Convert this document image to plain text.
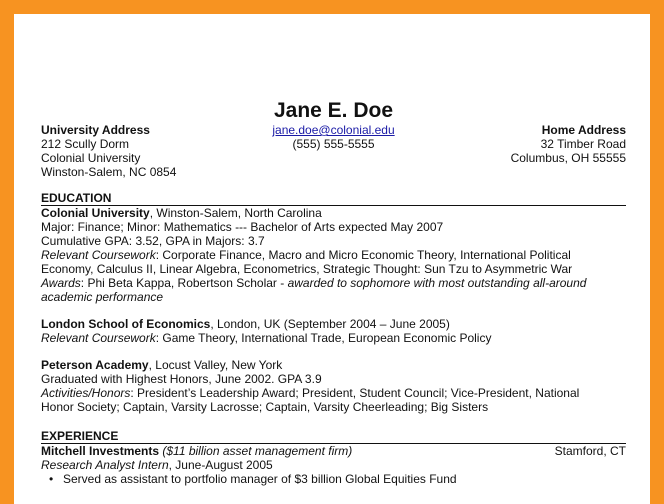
Jane E. Doe
University Address
212 Scully Dorm
Colonial University
Winston-Salem, NC 0854
jane.doe@colonial.edu
(555) 555-5555
Home Address
32 Timber Road
Columbus, OH 55555
EDUCATION
Colonial University, Winston-Salem, North Carolina
Major: Finance; Minor: Mathematics --- Bachelor of Arts expected May 2007
Cumulative GPA: 3.52, GPA in Majors: 3.7
Relevant Coursework: Corporate Finance, Macro and Micro Economic Theory, International Political
Economy, Calculus II, Linear Algebra, Econometrics, Strategic Thought: Sun Tzu to Asymmetric War
Awards: Phi Beta Kappa, Robertson Scholar - awarded to sophomore with most outstanding all-around
academic performance
London School of Economics, London, UK (September 2004 – June 2005)
Relevant Coursework: Game Theory, International Trade, European Economic Policy
Peterson Academy, Locust Valley, New York
Graduated with Highest Honors, June 2002. GPA 3.9
Activities/Honors: President’s Leadership Award; President, Student Council; Vice-President, National
Honor Society; Captain, Varsity Lacrosse; Captain, Varsity Cheerleading; Big Sisters
EXPERIENCE
Mitchell Investments ($11 billion asset management firm)	Stamford, CT
Research Analyst Intern, June-August 2005
• Served as assistant to portfolio manager of $3 billion Global Equities Fund
